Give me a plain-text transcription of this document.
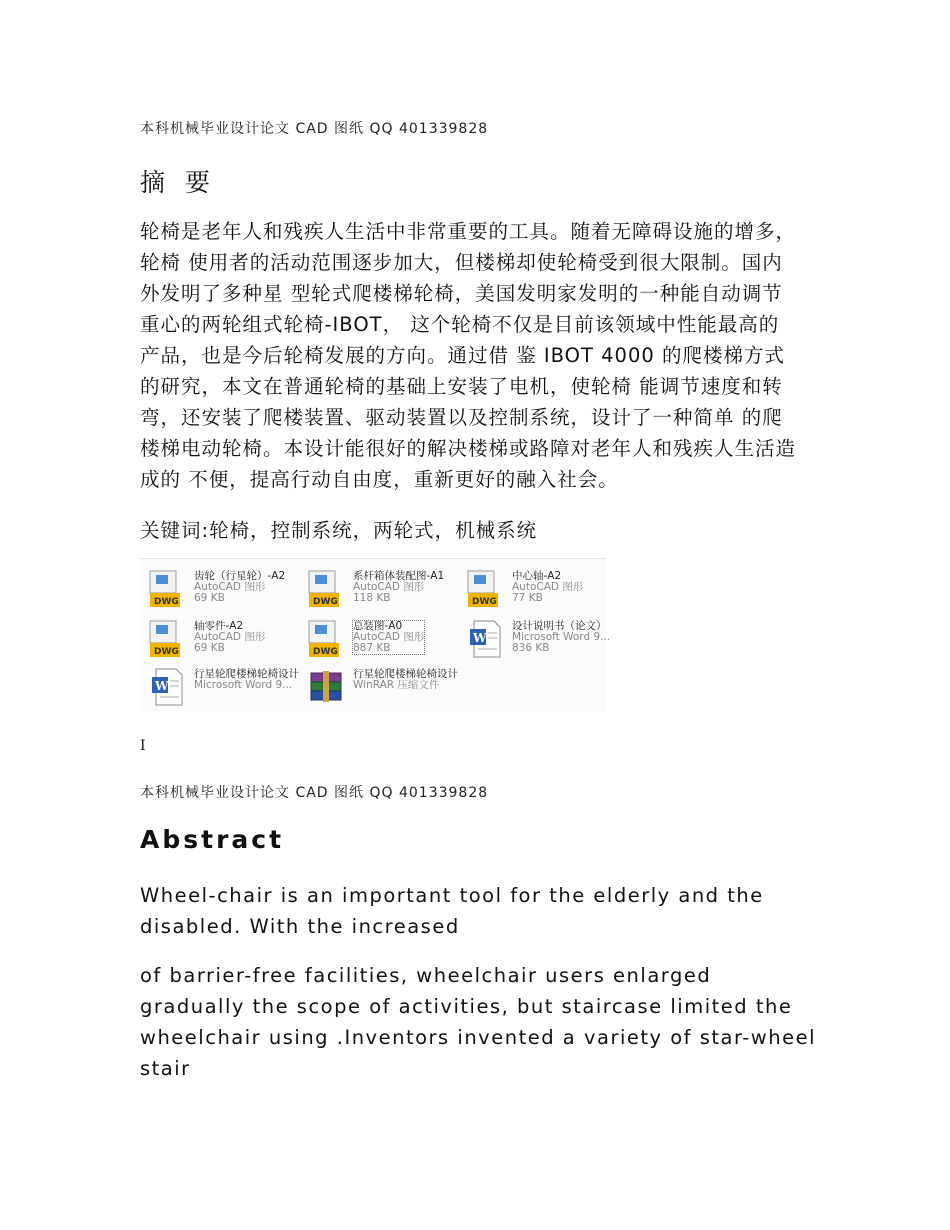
本科机械毕业设计论文 CAD 图纸 QQ 401339828
摘 要
轮椅是老年人和残疾人生活中非常重要的工具。随着无障碍设施的增多，
轮椅 使用者的活动范围逐步加大，但楼梯却使轮椅受到很大限制。国内
外发明了多种星 型轮式爬楼梯轮椅，美国发明家发明的一种能自动调节
重心的两轮组式轮椅-IBOT， 这个轮椅不仅是目前该领域中性能最高的
产品，也是今后轮椅发展的方向。通过借 鉴 IBOT 4000 的爬楼梯方式
的研究，本文在普通轮椅的基础上安装了电机，使轮椅 能调节速度和转
弯，还安装了爬楼装置、驱动装置以及控制系统，设计了一种简单 的爬
楼梯电动轮椅。本设计能很好的解决楼梯或路障对老年人和残疾人生活造
成的 不便，提高行动自由度，重新更好的融入社会。
关键词:轮椅，控制系统，两轮式，机械系统
DWG
齿轮（行星轮）-A2
AutoCAD 图形
69 KB	DWG
系杆箱体装配图-A1
AutoCAD 图形
118 KB	DWG
中心轴-A2
AutoCAD 图形
77 KB
DWG
轴零件-A2
AutoCAD 图形
69 KB	DWG
总装图-A0
AutoCAD 图形
887 KB
W
设计说明书（论文）
Microsoft Word 9...
836 KB
W
行星轮爬楼梯轮椅设计
Microsoft Word 9...
行星轮爬楼梯轮椅设计
WinRAR 压缩文件
I
本科机械毕业设计论文 CAD 图纸 QQ 401339828
Abstract
Wheel-chair is an important tool for the elderly and the
disabled. With the increased
of barrier-free facilities, wheelchair users enlarged
gradually the scope of activities, but staircase limited the
wheelchair using .Inventors invented a variety of star-wheel
stair
